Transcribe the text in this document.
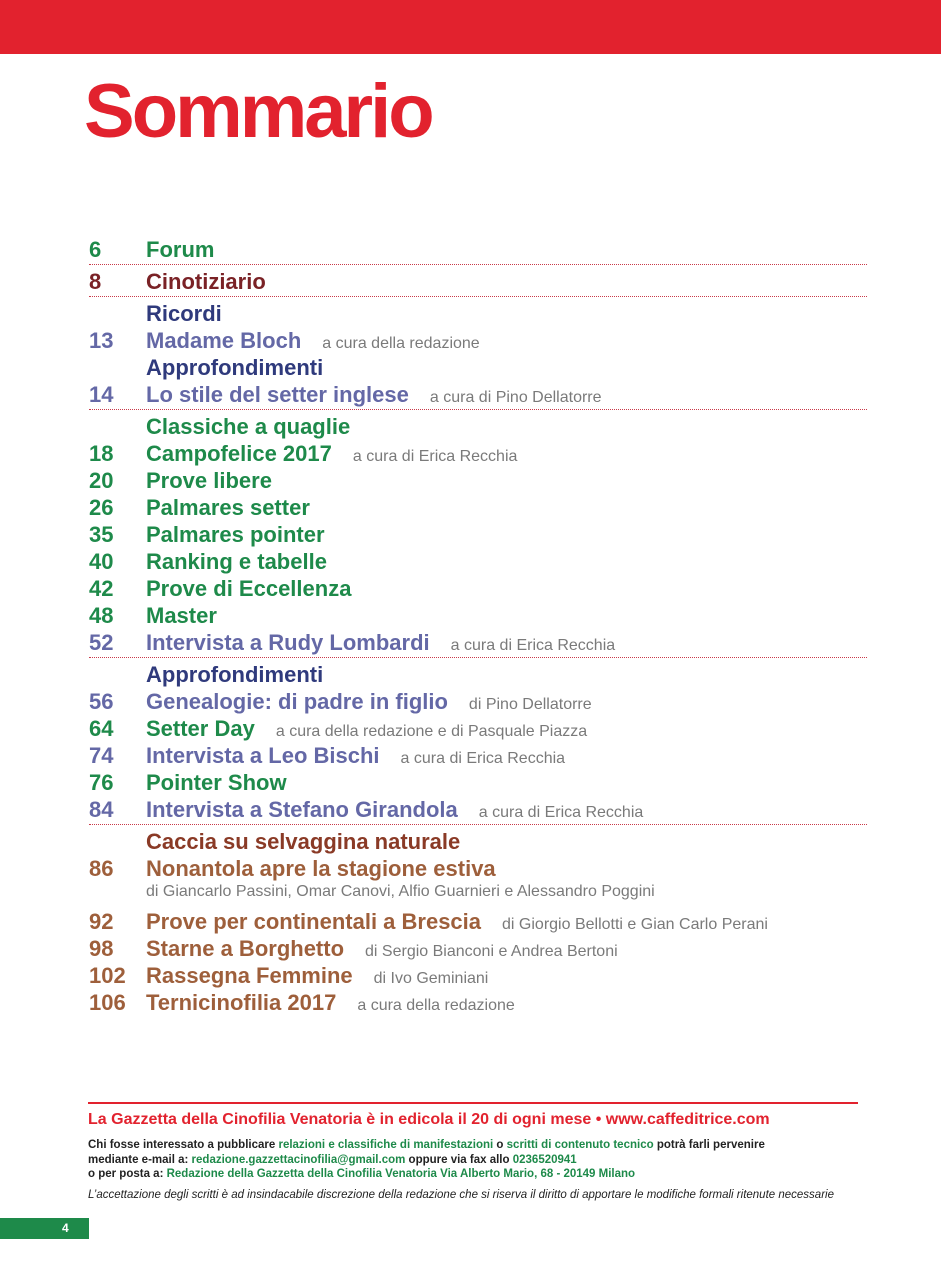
Sommario
6	Forum
8	Cinotiziario
Ricordi
13	Madame Bloch a cura della redazione
Approfondimenti
14	Lo stile del setter inglese a cura di Pino Dellatorre
Classiche a quaglie
18	Campofelice 2017 a cura di Erica Recchia
20	Prove libere
26	Palmares setter
35	Palmares pointer
40	Ranking e tabelle
42	Prove di Eccellenza
48	Master
52	Intervista a Rudy Lombardi a cura di Erica Recchia
Approfondimenti
56	Genealogie: di padre in figlio di Pino Dellatorre
64	Setter Day a cura della redazione e di Pasquale Piazza
74	Intervista a Leo Bischi a cura di Erica Recchia
76	Pointer Show
84	Intervista a Stefano Girandola a cura di Erica Recchia
Caccia su selvaggina naturale
86	Nonantola apre la stagione estiva
di Giancarlo Passini, Omar Canovi, Alfio Guarnieri e Alessandro Poggini
92	Prove per continentali a Brescia di Giorgio Bellotti e Gian Carlo Perani
98	Starne a Borghetto di Sergio Bianconi e Andrea Bertoni
102 Rassegna Femmine di Ivo Geminiani
106 Ternicinofilia 2017 a cura della redazione
La Gazzetta della Cinofilia Venatoria è in edicola il 20 di ogni mese • www.caffeditrice.com
Chi fosse interessato a pubblicare relazioni e classifiche di manifestazioni o scritti di contenuto tecnico potrà farli pervenire
mediante e-mail a: redazione.gazzettacinofilia@gmail.com oppure via fax allo 0236520941
o per posta a: Redazione della Gazzetta della Cinofilia Venatoria Via Alberto Mario, 68 - 20149 Milano
L’accettazione degli scritti è ad insindacabile discrezione della redazione che si riserva il diritto di apportare le modifiche formali ritenute necessarie
4
